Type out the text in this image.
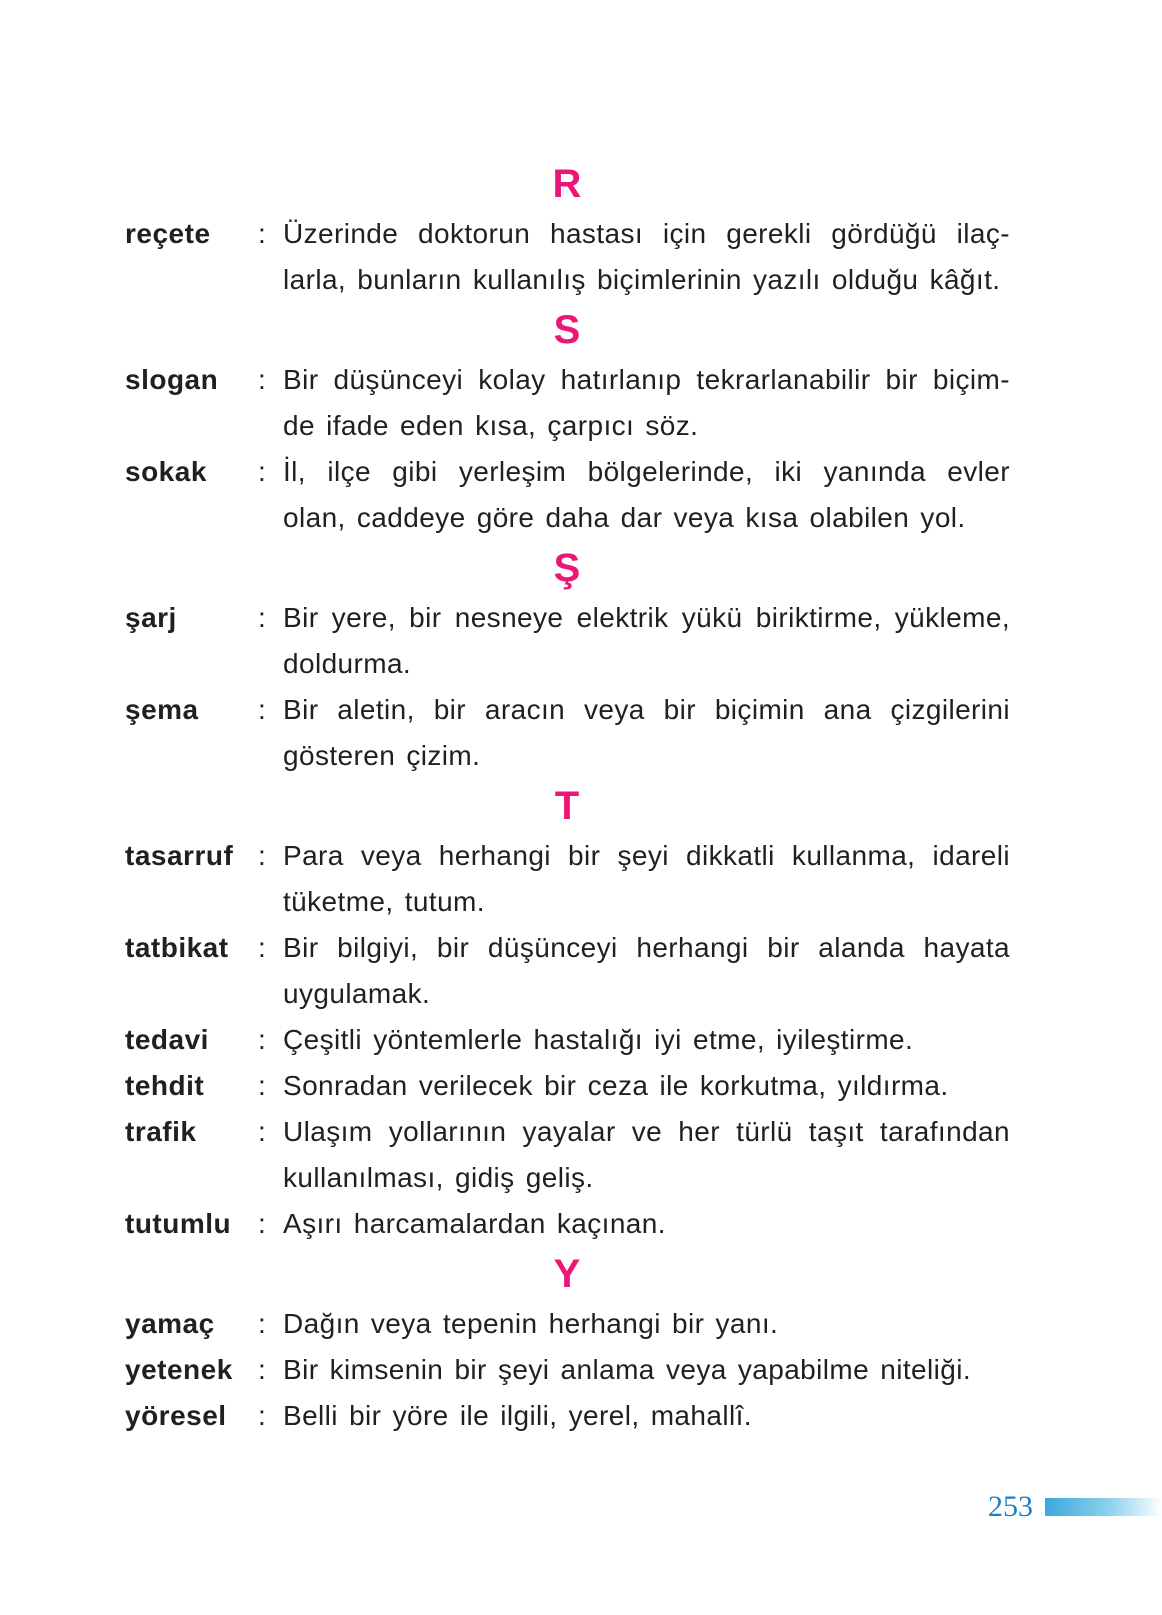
R
reçete	: Üzerinde doktorun hastası için gerekli gördüğü ilaç-
larla, bunların kullanılış biçimlerinin yazılı olduğu kâğıt.
S
slogan	: Bir düşünceyi kolay hatırlanıp tekrarlanabilir bir biçim-
de ifade eden kısa, çarpıcı söz.
sokak	: İl, ilçe gibi yerleşim bölgelerinde, iki yanında evler
olan, caddeye göre daha dar veya kısa olabilen yol.
Ş
şarj	: Bir yere, bir nesneye elektrik yükü biriktirme, yükleme,
doldurma.
şema	: Bir aletin, bir aracın veya bir biçimin ana çizgilerini
gösteren çizim.
T
tasarruf : Para veya herhangi bir şeyi dikkatli kullanma, idareli
tüketme, tutum.
tatbikat	: Bir bilgiyi, bir düşünceyi herhangi bir alanda hayata
uygulamak.
tedavi	: Çeşitli yöntemlerle hastalığı iyi etme, iyileştirme.
tehdit	: Sonradan verilecek bir ceza ile korkutma, yıldırma.
trafik	: Ulaşım yollarının yayalar ve her türlü taşıt tarafından
kullanılması, gidiş geliş.
tutumlu : Aşırı harcamalardan kaçınan.
Y
yamaç	: Dağın veya tepenin herhangi bir yanı.
yetenek : Bir kimsenin bir şeyi anlama veya yapabilme niteliği.
yöresel	: Belli bir yöre ile ilgili, yerel, mahallî.
253
